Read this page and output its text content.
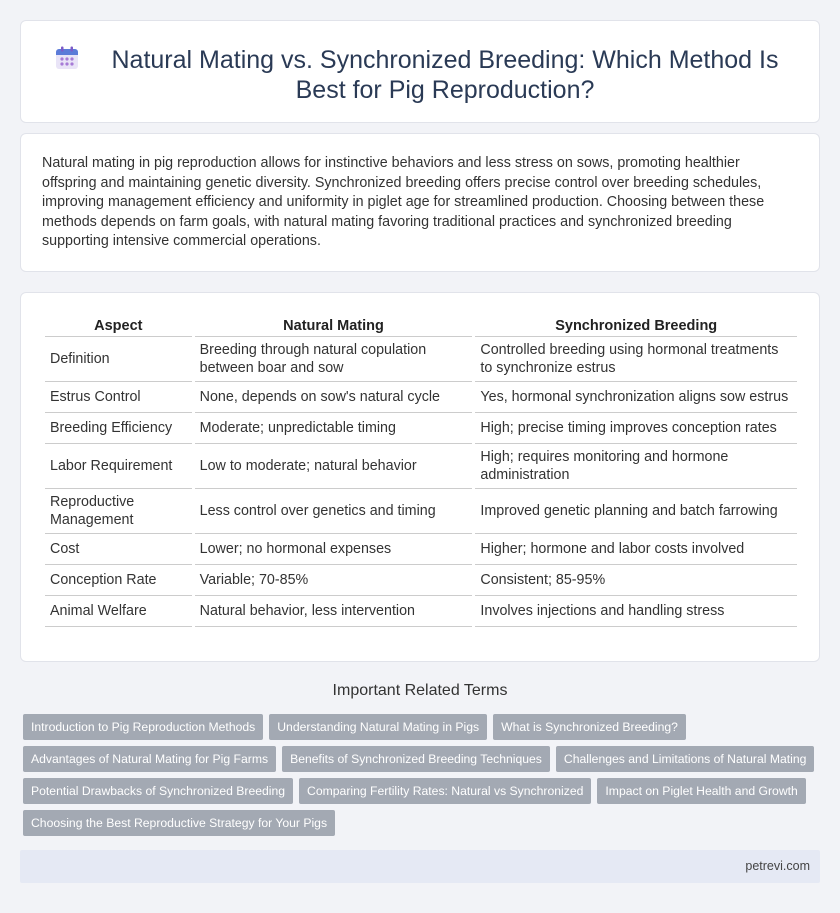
Natural Mating vs. Synchronized Breeding: Which Method Is Best for Pig Reproduction?

Natural mating in pig reproduction allows for instinctive behaviors and less stress on sows, promoting healthier offspring and maintaining genetic diversity. Synchronized breeding offers precise control over breeding schedules, improving management efficiency and uniformity in piglet age for streamlined production. Choosing between these methods depends on farm goals, with natural mating favoring traditional practices and synchronized breeding supporting intensive commercial operations.

Aspect	Natural Mating	Synchronized Breeding
Definition	Breeding through natural copulation between boar and sow	Controlled breeding using hormonal treatments to synchronize estrus
Estrus Control	None, depends on sow's natural cycle	Yes, hormonal synchronization aligns sow estrus
Breeding Efficiency	Moderate; unpredictable timing	High; precise timing improves conception rates
Labor Requirement	Low to moderate; natural behavior	High; requires monitoring and hormone administration
Reproductive Management	Less control over genetics and timing	Improved genetic planning and batch farrowing
Cost	Lower; no hormonal expenses	Higher; hormone and labor costs involved
Conception Rate	Variable; 70-85%	Consistent; 85-95%
Animal Welfare	Natural behavior, less intervention	Involves injections and handling stress
Important Related Terms
Introduction to Pig Reproduction Methods	Understanding Natural Mating in Pigs	What is Synchronized Breeding?
Advantages of Natural Mating for Pig Farms	Benefits of Synchronized Breeding Techniques	Challenges and Limitations of Natural Mating
Potential Drawbacks of Synchronized Breeding	Comparing Fertility Rates: Natural vs Synchronized	Impact on Piglet Health and Growth
Choosing the Best Reproductive Strategy for Your Pigs
petrevi.com
